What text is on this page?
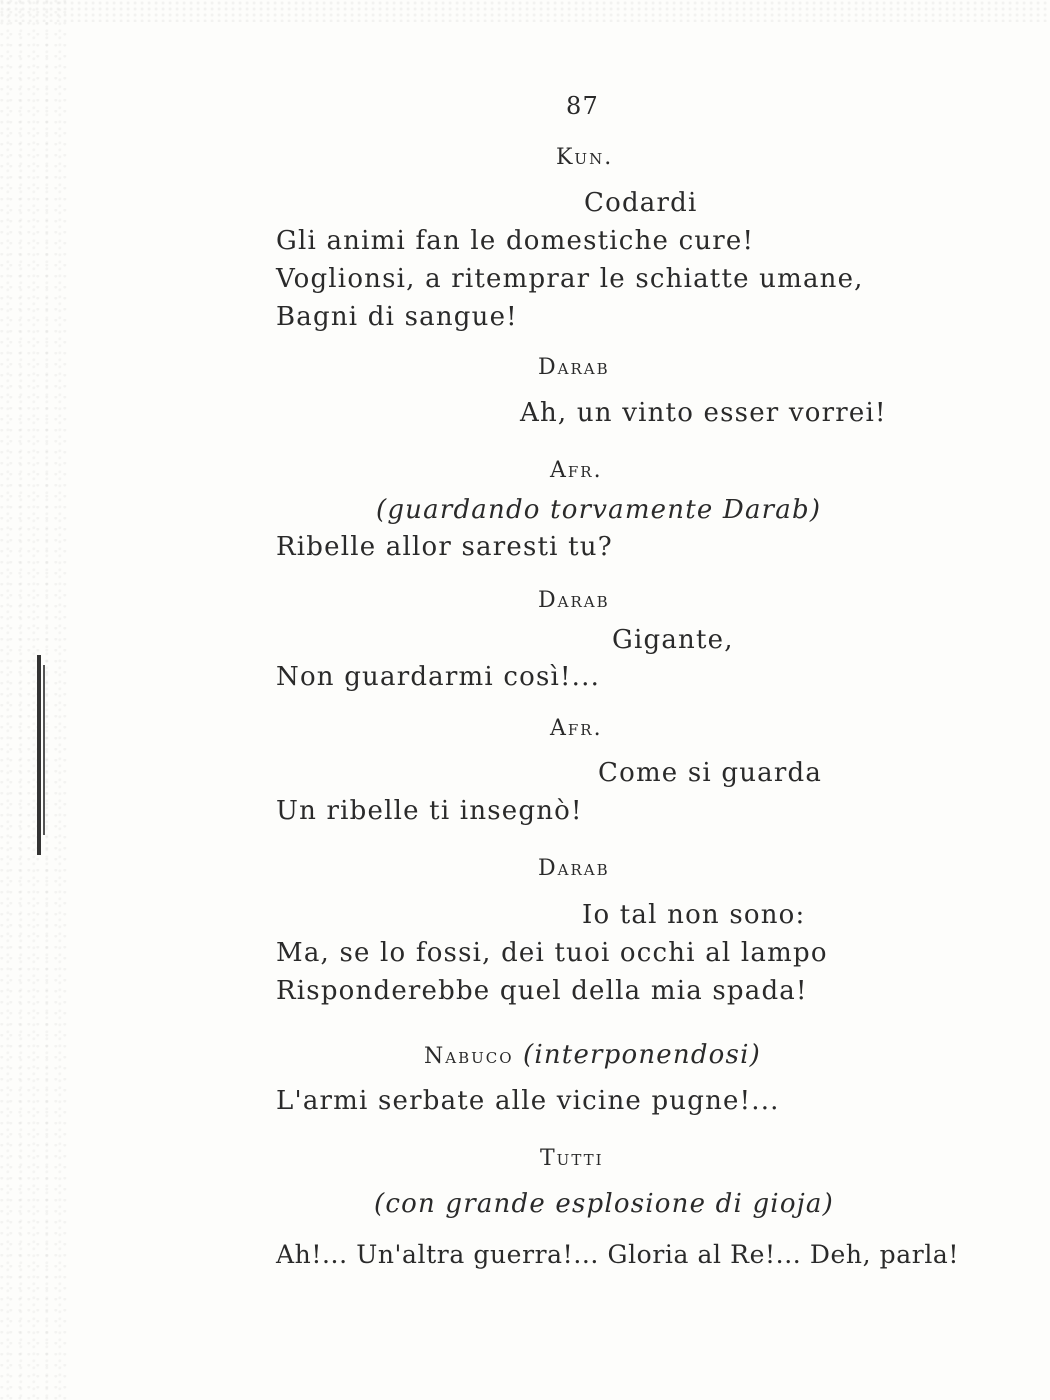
87
Kun.
Codardi
Gli animi fan le domestiche cure!
Voglionsi, a ritemprar le schiatte umane,
Bagni di sangue!
Darab
Ah, un vinto esser vorrei!
Afr.
(guardando torvamente Darab)
Ribelle allor saresti tu?
Darab
Gigante,
Non guardarmi così!...
Afr.
Come si guarda
Un ribelle ti insegnò!
Darab
Io tal non sono:
Ma, se lo fossi, dei tuoi occhi al lampo
Risponderebbe quel della mia spada!
Nabuco (interponendosi)
L'armi serbate alle vicine pugne!...
Tutti
(con grande esplosione di gioja)
Ah!... Un'altra guerra!... Gloria al Re!... Deh, parla!
